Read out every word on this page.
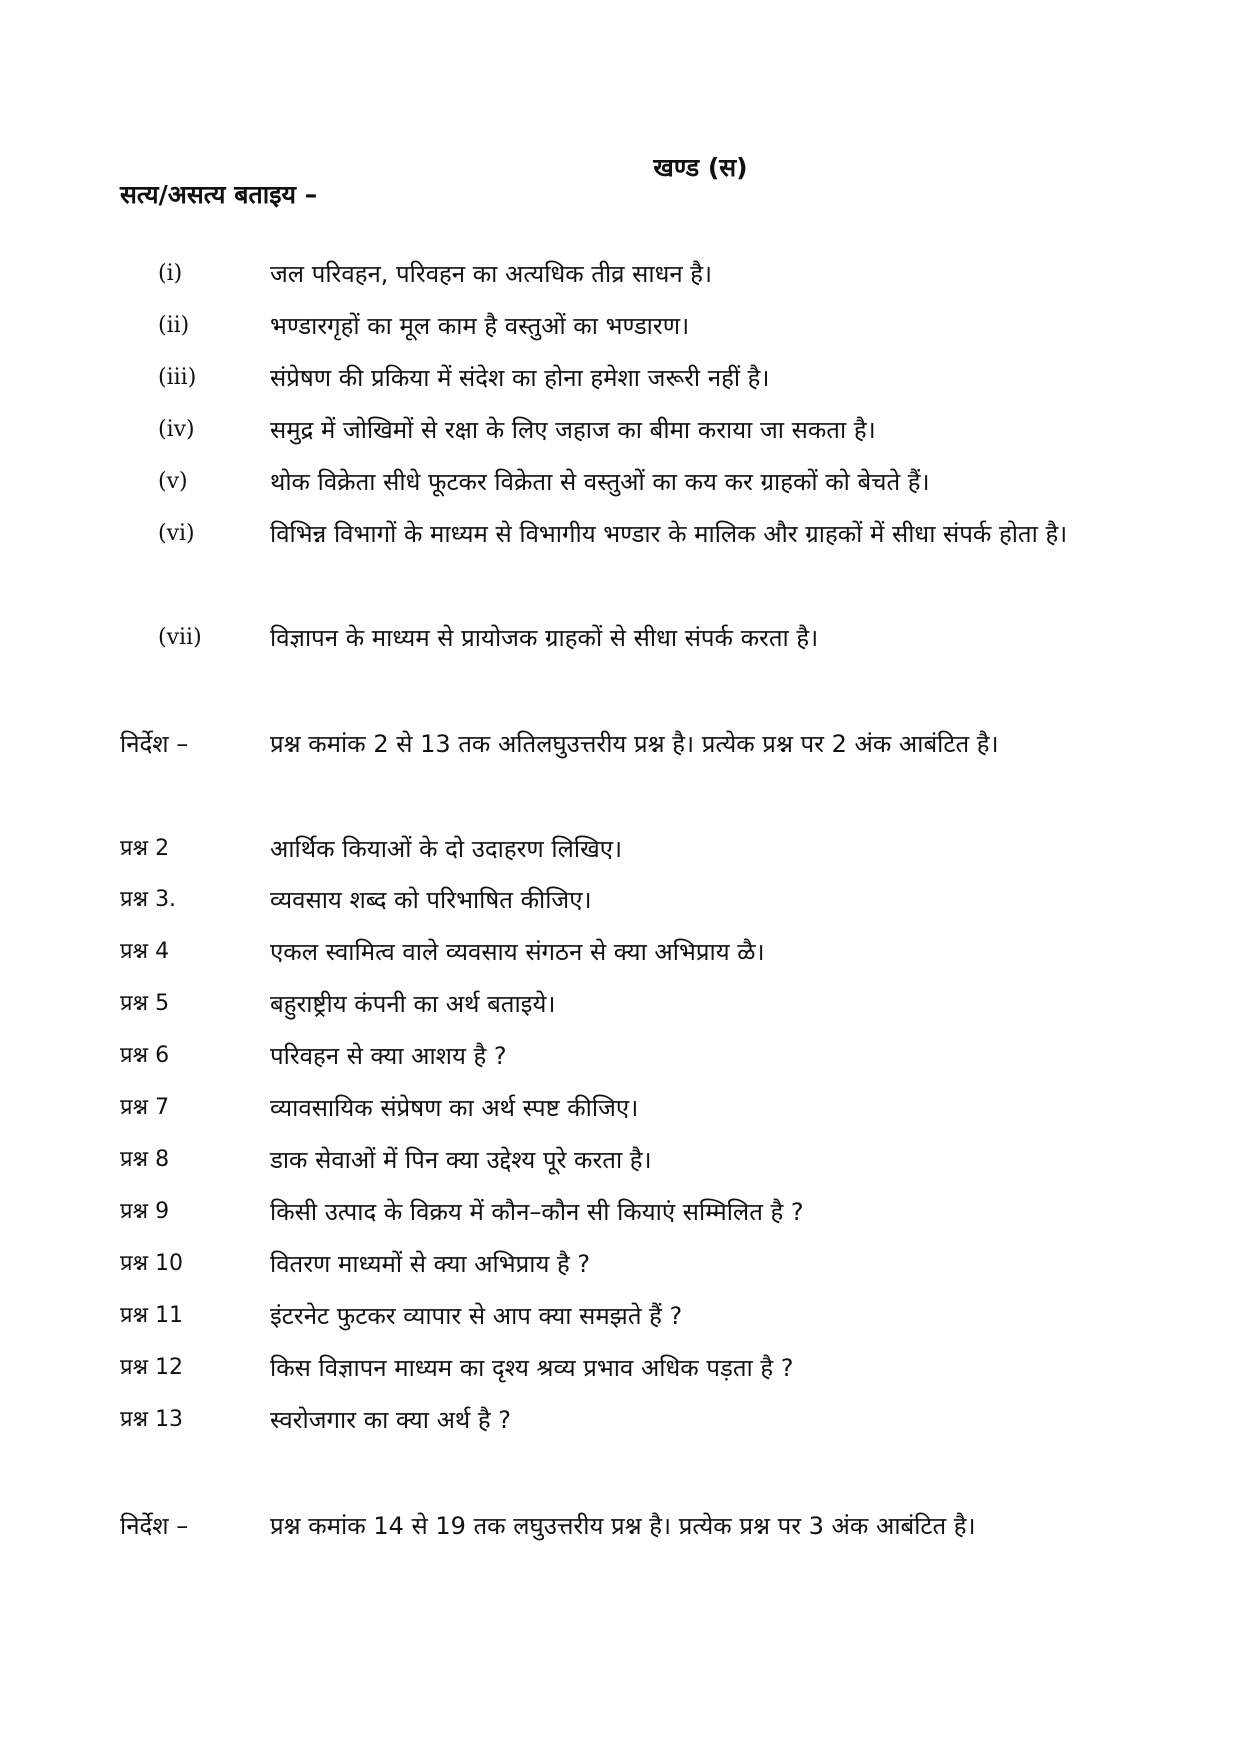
खण्ड (स)
सत्य/असत्य बताइय –
(i)	जल परिवहन, परिवहन का अत्यधिक तीव्र साधन है।
(ii)	भण्डारगृहों का मूल काम है वस्तुओं का भण्डारण।
(iii)	संप्रेषण की प्रकिया में संदेश का होना हमेशा जरूरी नहीं है।
(iv)	समुद्र में जोखिमों से रक्षा के लिए जहाज का बीमा कराया जा सकता है।
(v)	थोक विक्रेता सीधे फूटकर विक्रेता से वस्तुओं का कय कर ग्राहकों को बेचते हैं।
(vi)	विभिन्न विभागों के माध्यम से विभागीय भण्डार के मालिक और ग्राहकों में सीधा संपर्क होता है।
(vii)	विज्ञापन के माध्यम से प्रायोजक ग्राहकों से सीधा संपर्क करता है।
निर्देश –	प्रश्न कमांक 2 से 13 तक अतिलघुउत्तरीय प्रश्न है। प्रत्येक प्रश्न पर 2 अंक आबंटित है।
प्रश्न 2	आर्थिक कियाओं के दो उदाहरण लिखिए।
प्रश्न 3.	व्यवसाय शब्द को परिभाषित कीजिए।
प्रश्न 4	एकल स्वामित्व वाले व्यवसाय संगठन से क्या अभिप्राय ळै।
प्रश्न 5	बहुराष्ट्रीय कंपनी का अर्थ बताइये।
प्रश्न 6	परिवहन से क्या आशय है ?
प्रश्न 7	व्यावसायिक संप्रेषण का अर्थ स्पष्ट कीजिए।
प्रश्न 8	डाक सेवाओं में पिन क्या उद्देश्य पूरे करता है।
प्रश्न 9	किसी उत्पाद के विक्रय में कौन–कौन सी कियाएं सम्मिलित है ?
प्रश्न 10	वितरण माध्यमों से क्या अभिप्राय है ?
प्रश्न 11	इंटरनेट फुटकर व्यापार से आप क्या समझते हैं ?
प्रश्न 12	किस विज्ञापन माध्यम का दृश्य श्रव्य प्रभाव अधिक पड़ता है ?
प्रश्न 13	स्वरोजगार का क्या अर्थ है ?
निर्देश –	प्रश्न कमांक 14 से 19 तक लघुउत्तरीय प्रश्न है। प्रत्येक प्रश्न पर 3 अंक आबंटित है।
